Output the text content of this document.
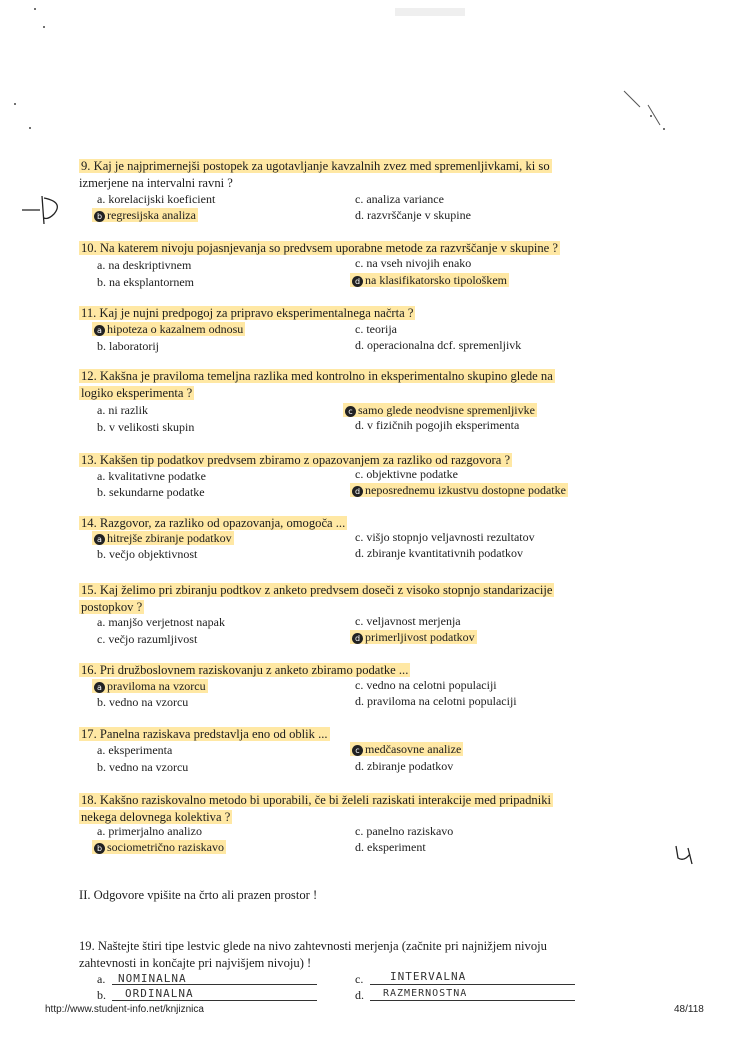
9. Kaj je najprimernejši postopek za ugotavljanje kavzalnih zvez med spremenljivkami, ki so
izmerjene na intervalni ravni ?
a. korelacijski koeficient	c. analiza variance
b regresijska analiza	d. razvrščanje v skupine
10. Na katerem nivoju pojasnjevanja so predvsem uporabne metode za razvrščanje v skupine ?
a. na deskriptivnem	c. na vseh nivojih enako
b. na eksplantornem	d na klasifikatorsko tipološkem
11. Kaj je nujni predpogoj za pripravo eksperimentalnega načrta ?
a hipoteza o kazalnem odnosu	c. teorija
b. laboratorij	d. operacionalna dcf. spremenljivk
12. Kakšna je praviloma temeljna razlika med kontrolno in eksperimentalno skupino glede na
logiko eksperimenta ?
a. ni razlik	c samo glede neodvisne spremenljivke
b. v velikosti skupin	d. v fizičnih pogojih eksperimenta
13. Kakšen tip podatkov predvsem zbiramo z opazovanjem za razliko od razgovora ?
a. kvalitativne podatke	c. objektivne podatke
b. sekundarne podatke	d neposrednemu izkustvu dostopne podatke
14. Razgovor, za razliko od opazovanja, omogoča ...
a hitrejše zbiranje podatkov	c. višjo stopnjo veljavnosti rezultatov
b. večjo objektivnost	d. zbiranje kvantitativnih podatkov
15. Kaj želimo pri zbiranju podtkov z anketo predvsem doseči z visoko stopnjo standarizacije
postopkov ?
a. manjšo verjetnost napak	c. veljavnost merjenja
c. večjo razumljivost	d primerljivost podatkov
16. Pri družboslovnem raziskovanju z anketo zbiramo podatke ...
a praviloma na vzorcu	c. vedno na celotni populaciji
b. vedno na vzorcu	d. praviloma na celotni populaciji
17. Panelna raziskava predstavlja eno od oblik ...
a. eksperimenta	c medčasovne analize
b. vedno na vzorcu	d. zbiranje podatkov
18. Kakšno raziskovalno metodo bi uporabili, če bi želeli raziskati interakcije med pripadniki
nekega delovnega kolektiva ?
a. primerjalno analizo	c. panelno raziskavo
b sociometrično raziskavo	d. eksperiment
II. Odgovore vpišite na črto ali prazen prostor !
19. Naštejte štiri tipe lestvic glede na nivo zahtevnosti merjenja (začnite pri najnižjem nivoju
zahtevnosti in končajte pri najvišjem nivoju) !
a. NOMINALNA	c. INTERVALNA
b. ORDINALNA	d. RAZMERNOSTNA
http://www.student-info.net/knjiznica	48/118
